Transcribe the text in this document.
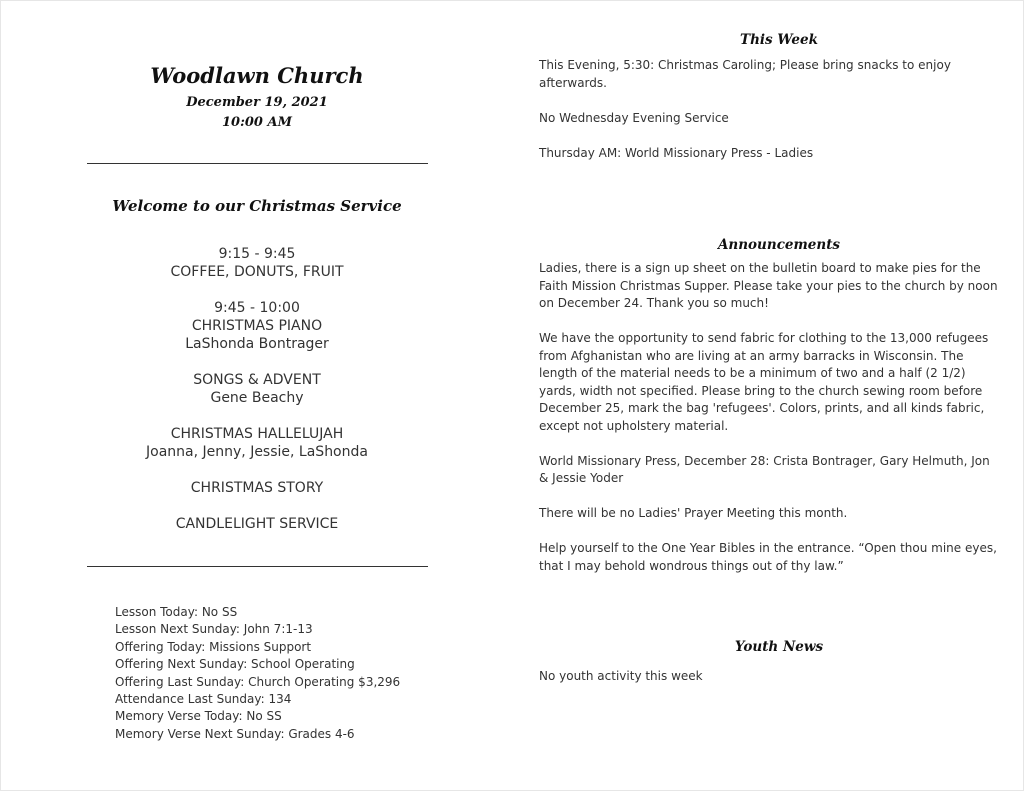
Woodlawn Church
December 19, 2021
10:00 AM
Welcome to our Christmas Service
9:15 - 9:45
COFFEE, DONUTS, FRUIT
9:45 - 10:00
CHRISTMAS PIANO
LaShonda Bontrager
SONGS & ADVENT
Gene Beachy
CHRISTMAS HALLELUJAH
Joanna, Jenny, Jessie, LaShonda
CHRISTMAS STORY
CANDLELIGHT SERVICE
Lesson Today: No SS
Lesson Next Sunday: John 7:1-13
Offering Today: Missions Support
Offering Next Sunday: School Operating
Offering Last Sunday: Church Operating $3,296
Attendance Last Sunday: 134
Memory Verse Today: No SS
Memory Verse Next Sunday: Grades 4-6
This Week

This Evening, 5:30: Christmas Caroling; Please bring snacks to enjoy afterwards.

No Wednesday Evening Service

Thursday AM: World Missionary Press - Ladies

Announcements

Ladies, there is a sign up sheet on the bulletin board to make pies for the Faith Mission Christmas Supper. Please take your pies to the church by noon on December 24. Thank you so much!

We have the opportunity to send fabric for clothing to the 13,000 refugees from Afghanistan who are living at an army barracks in Wisconsin. The length of the material needs to be a minimum of two and a half (2 1/2) yards, width not specified. Please bring to the church sewing room before December 25, mark the bag 'refugees'. Colors, prints, and all kinds fabric, except not upholstery material.

World Missionary Press, December 28: Crista Bontrager, Gary Helmuth, Jon & Jessie Yoder

There will be no Ladies' Prayer Meeting this month.

Help yourself to the One Year Bibles in the entrance. “Open thou mine eyes, that I may behold wondrous things out of thy law.”

Youth News

No youth activity this week
